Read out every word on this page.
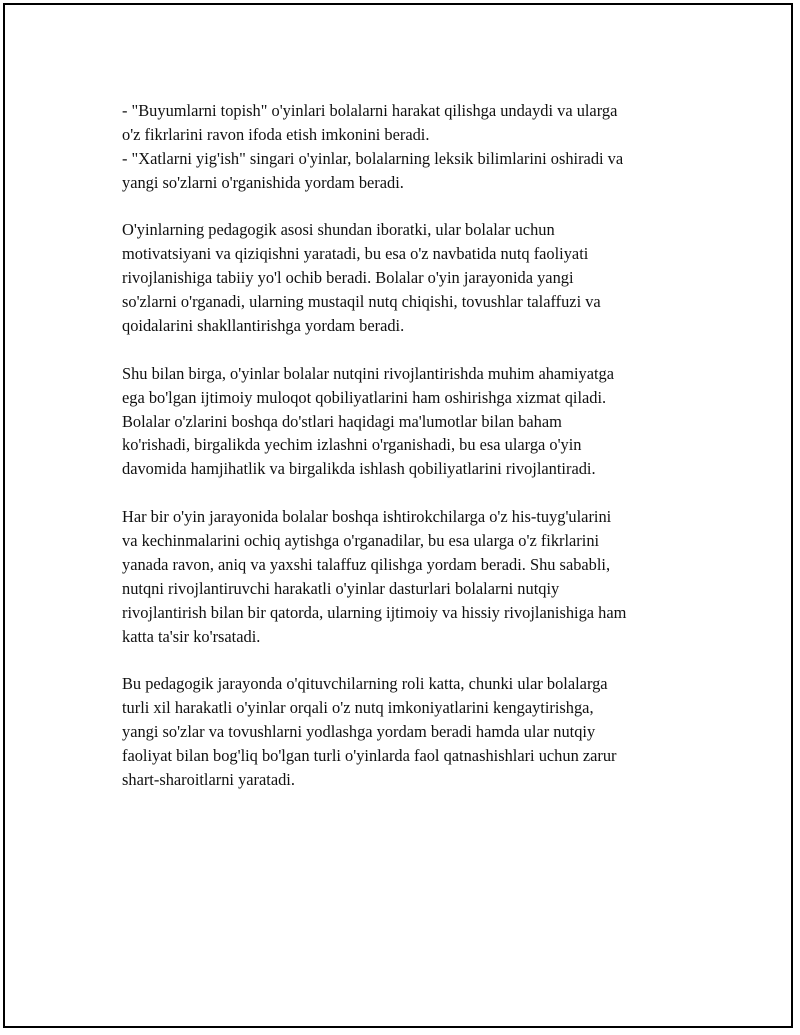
- "Buyumlarni topish" o'yinlari bolalarni harakat qilishga undaydi va ularga
o'z fikrlarini ravon ifoda etish imkonini beradi.
- "Xatlarni yig'ish" singari o'yinlar, bolalarning leksik bilimlarini oshiradi va
yangi so'zlarni o'rganishida yordam beradi.
O'yinlarning pedagogik asosi shundan iboratki, ular bolalar uchun
motivatsiyani va qiziqishni yaratadi, bu esa o'z navbatida nutq faoliyati
rivojlanishiga tabiiy yo'l ochib beradi. Bolalar o'yin jarayonida yangi
so'zlarni o'rganadi, ularning mustaqil nutq chiqishi, tovushlar talaffuzi va
qoidalarini shakllantirishga yordam beradi.
Shu bilan birga, o'yinlar bolalar nutqini rivojlantirishda muhim ahamiyatga
ega bo'lgan ijtimoiy muloqot qobiliyatlarini ham oshirishga xizmat qiladi.
Bolalar o'zlarini boshqa do'stlari haqidagi ma'lumotlar bilan baham
ko'rishadi, birgalikda yechim izlashni o'rganishadi, bu esa ularga o'yin
davomida hamjihatlik va birgalikda ishlash qobiliyatlarini rivojlantiradi.
Har bir o'yin jarayonida bolalar boshqa ishtirokchilarga o'z his-tuyg'ularini
va kechinmalarini ochiq aytishga o'rganadilar, bu esa ularga o'z fikrlarini
yanada ravon, aniq va yaxshi talaffuz qilishga yordam beradi. Shu sababli,
nutqni rivojlantiruvchi harakatli o'yinlar dasturlari bolalarni nutqiy
rivojlantirish bilan bir qatorda, ularning ijtimoiy va hissiy rivojlanishiga ham
katta ta'sir ko'rsatadi.
Bu pedagogik jarayonda o'qituvchilarning roli katta, chunki ular bolalarga
turli xil harakatli o'yinlar orqali o'z nutq imkoniyatlarini kengaytirishga,
yangi so'zlar va tovushlarni yodlashga yordam beradi hamda ular nutqiy
faoliyat bilan bog'liq bo'lgan turli o'yinlarda faol qatnashishlari uchun zarur
shart-sharoitlarni yaratadi.
